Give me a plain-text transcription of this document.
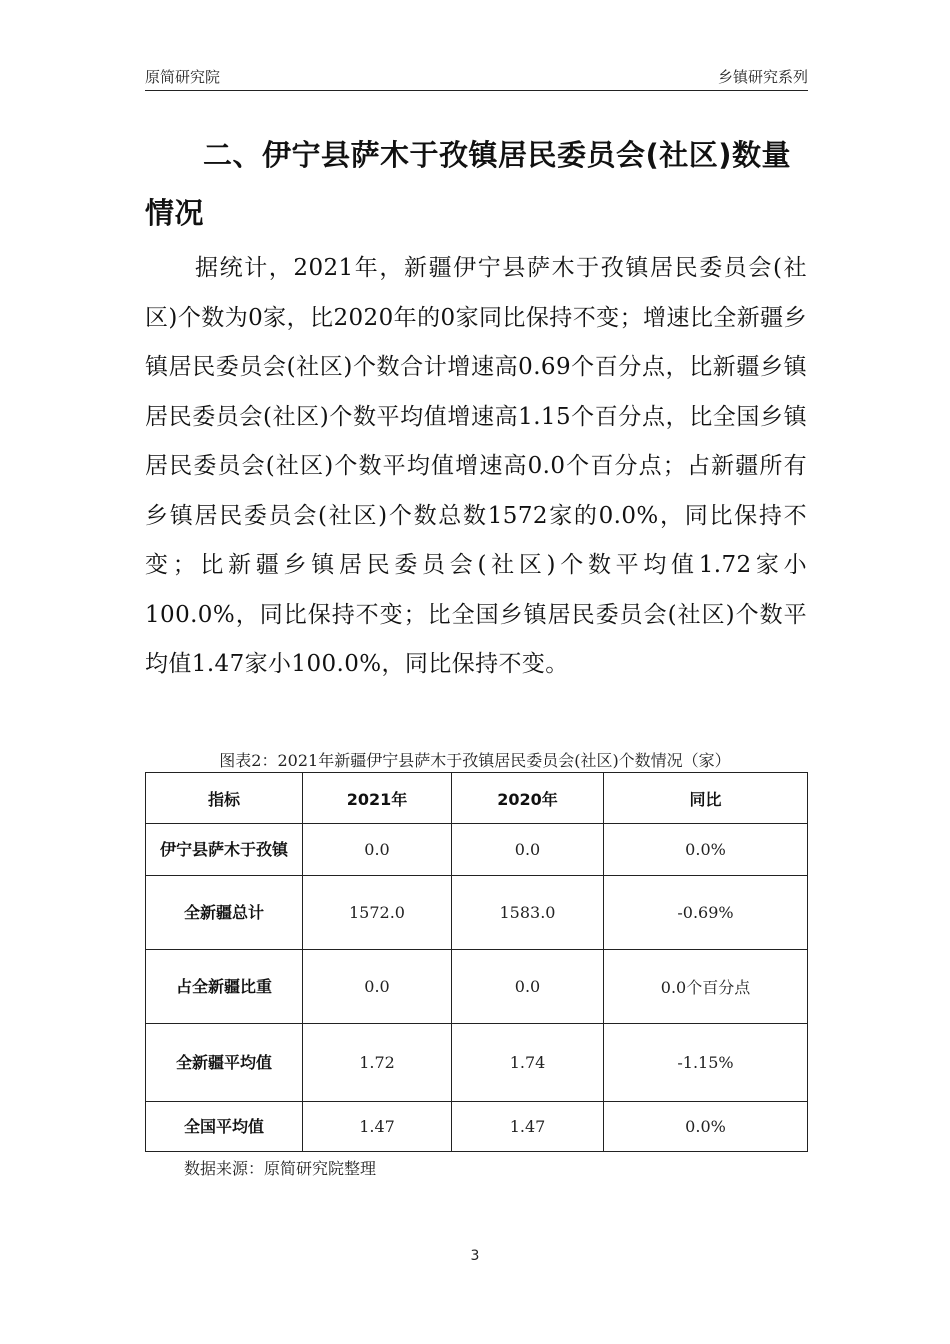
原简研究院	乡镇研究系列
二、伊宁县萨木于孜镇居民委员会(社区)数量情况
据统计，2021年，新疆伊宁县萨木于孜镇居民委员会(社区)个数为0家，比2020年的0家同比保持不变；增速比全新疆乡镇居民委员会(社区)个数合计增速高0.69个百分点，比新疆乡镇居民委员会(社区)个数平均值增速高1.15个百分点，比全国乡镇居民委员会(社区)个数平均值增速高0.0个百分点；占新疆所有乡镇居民委员会(社区)个数总数1572家的0.0%，同比保持不变；比新疆乡镇居民委员会(社区)个数平均值1.72家小100.0%，同比保持不变；比全国乡镇居民委员会(社区)个数平均值1.47家小100.0%，同比保持不变。
图表2：2021年新疆伊宁县萨木于孜镇居民委员会(社区)个数情况（家）
指标	2021年	2020年	同比
伊宁县萨木于孜镇	0.0	0.0	0.0%
全新疆总计	1572.0	1583.0	-0.69%
占全新疆比重	0.0	0.0	0.0个百分点
全新疆平均值	1.72	1.74	-1.15%
全国平均值	1.47	1.47	0.0%
数据来源：原简研究院整理
3
